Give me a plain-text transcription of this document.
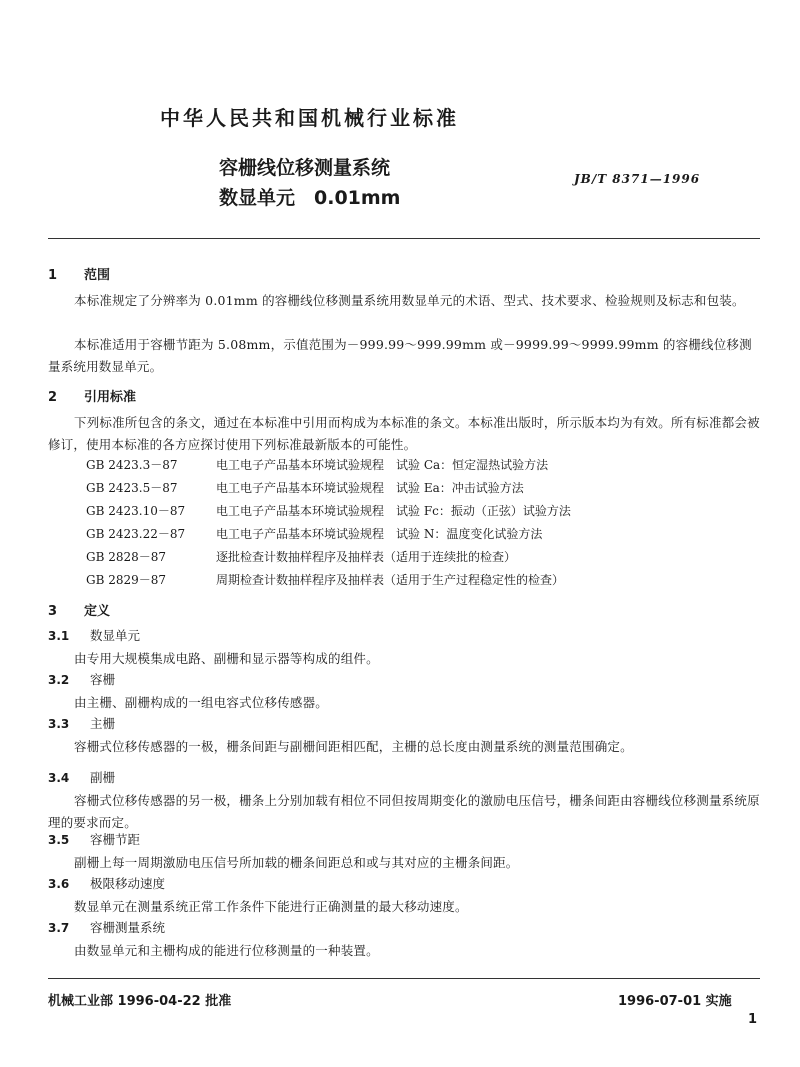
中华人民共和国机械行业标准
容栅线位移测量系统
数显单元　0.01mm
JB/T 8371—1996
1 范围
本标准规定了分辨率为 0.01mm 的容栅线位移测量系统用数显单元的术语、型式、技术要求、检验规则及标志和包装。
本标准适用于容栅节距为 5.08mm，示值范围为－999.99～999.99mm 或－9999.99～9999.99mm 的容栅线位移测量系统用数显单元。
2 引用标准
下列标准所包含的条文，通过在本标准中引用而构成为本标准的条文。本标准出版时，所示版本均为有效。所有标准都会被修订，使用本标准的各方应探讨使用下列标准最新版本的可能性。
GB 2423.3－87	电工电子产品基本环境试验规程　试验 Ca：恒定湿热试验方法
GB 2423.5－87	电工电子产品基本环境试验规程　试验 Ea：冲击试验方法
GB 2423.10－87	电工电子产品基本环境试验规程　试验 Fc：振动（正弦）试验方法
GB 2423.22－87	电工电子产品基本环境试验规程　试验 N：温度变化试验方法
GB 2828－87	逐批检查计数抽样程序及抽样表（适用于连续批的检查）
GB 2829－87	周期检查计数抽样程序及抽样表（适用于生产过程稳定性的检查）
3 定义
3.1 数显单元
由专用大规模集成电路、副栅和显示器等构成的组件。
3.2 容栅
由主栅、副栅构成的一组电容式位移传感器。
3.3 主栅
容栅式位移传感器的一极，栅条间距与副栅间距相匹配，主栅的总长度由测量系统的测量范围确定。
3.4 副栅
容栅式位移传感器的另一极，栅条上分别加载有相位不同但按周期变化的激励电压信号，栅条间距由容栅线位移测量系统原理的要求而定。
3.5 容栅节距
副栅上每一周期激励电压信号所加载的栅条间距总和或与其对应的主栅条间距。
3.6 极限移动速度
数显单元在测量系统正常工作条件下能进行正确测量的最大移动速度。
3.7 容栅测量系统
由数显单元和主栅构成的能进行位移测量的一种装置。
机械工业部 1996-04-22 批准	1996-07-01 实施
1
